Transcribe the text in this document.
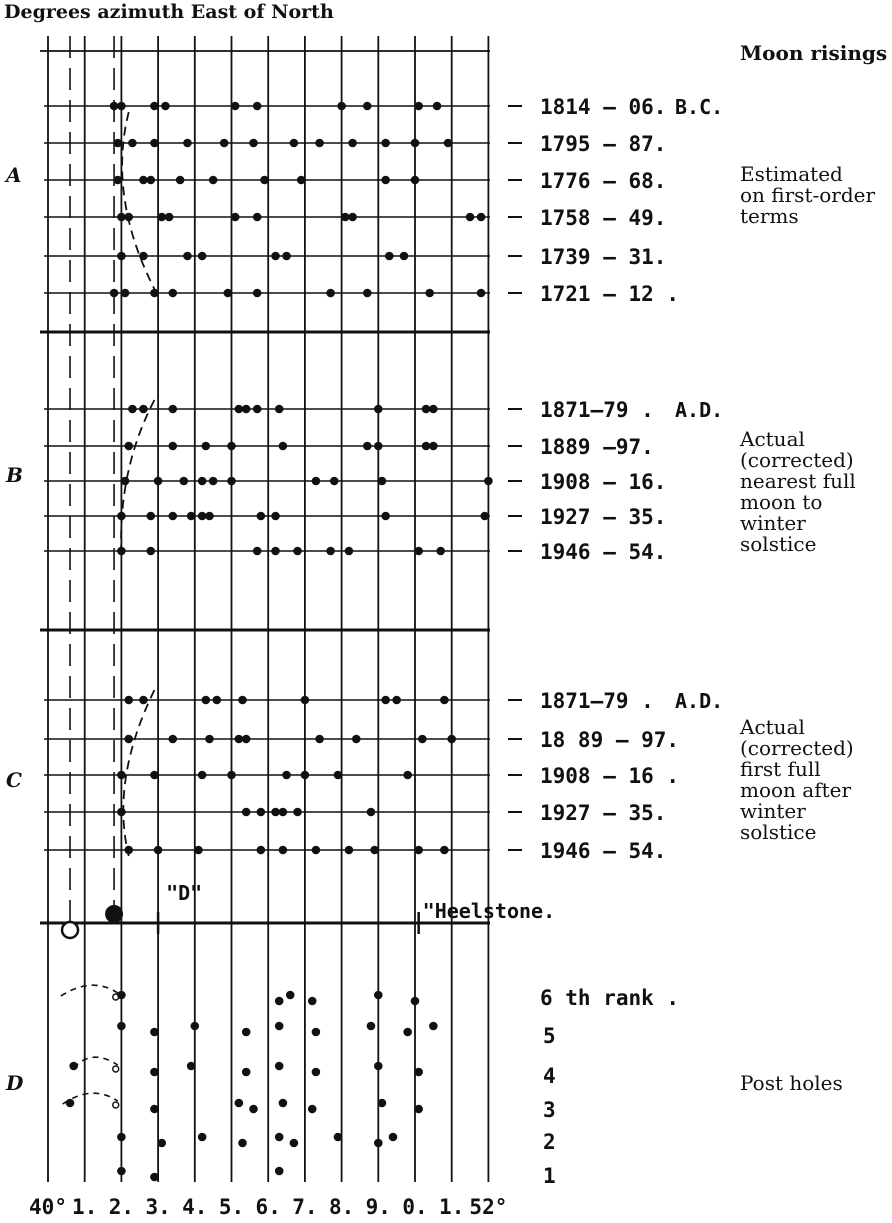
Degrees azimuth East of North
Moon risings
A	Estimated
on first-order
terms
1814 – 06. B.C.
1795 – 87.
1776 – 68.
1758 – 49.
1739 – 31.
1721 – 12 .
B
Actual
(corrected)
nearest full
moon to
winter
solstice
1871–79 . A.D.
1889 –97.
1908 – 16.
1927 – 35.
1946 – 54.
C
Actual
(corrected)
first full
moon after
winter
solstice
1871–79 . A.D.
18 89 – 97.
1908 – 16 .
1927 – 35.
1946 – 54.
"D"
"Heelstone.
D	Post holes
6 th rank .
5
4
3
2
1
40° 1. 2. 3. 4. 5. 6. 7. 8. 9. 0. 1. 52°
